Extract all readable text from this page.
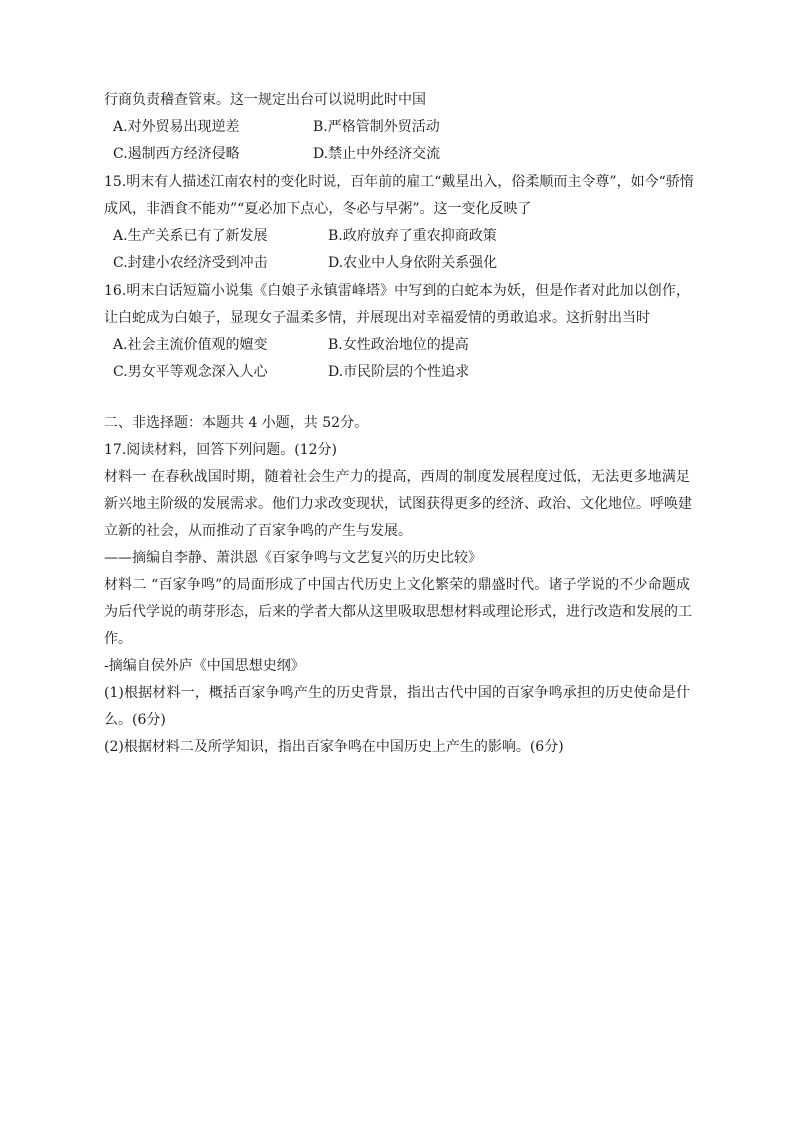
行商负责稽查管束。这一规定出台可以说明此时中国
A.对外贸易出现逆差	B.严格管制外贸活动
C.遏制西方经济侵略	D.禁止中外经济交流
15.明末有人描述江南农村的变化时说，百年前的雇工“戴星出入，俗柔顺而主令尊”，如今“骄惰
成风，非酒食不能劝”“夏必加下点心，冬必与早粥”。这一变化反映了
A.生产关系已有了新发展	B.政府放弃了重农抑商政策
C.封建小农经济受到冲击	D.农业中人身依附关系强化
16.明末白话短篇小说集《白娘子永镇雷峰塔》中写到的白蛇本为妖，但是作者对此加以创作，
让白蛇成为白娘子，显现女子温柔多情，并展现出对幸福爱情的勇敢追求。这折射出当时
A.社会主流价值观的嬗变	B.女性政治地位的提高
C.男女平等观念深入人心	D.市民阶层的个性追求
二、非选择题：本题共 4 小题，共 52分。
17.阅读材料，回答下列问题。(12分)
材料一 在春秋战国时期，随着社会生产力的提高，西周的制度发展程度过低，无法更多地满足
新兴地主阶级的发展需求。他们力求改变现状，试图获得更多的经济、政治、文化地位。呼唤建
立新的社会，从而推动了百家争鸣的产生与发展。
——摘编自李静、萧洪恩《百家争鸣与文艺复兴的历史比较》
材料二 “百家争鸣”的局面形成了中国古代历史上文化繁荣的鼎盛时代。诸子学说的不少命题成
为后代学说的萌芽形态，后来的学者大都从这里吸取思想材料或理论形式，进行改造和发展的工
作。
-摘编自侯外庐《中国思想史纲》
(1)根据材料一，概括百家争鸣产生的历史背景，指出古代中国的百家争鸣承担的历史使命是什
么。(6分)
(2)根据材料二及所学知识，指出百家争鸣在中国历史上产生的影响。(6分)
